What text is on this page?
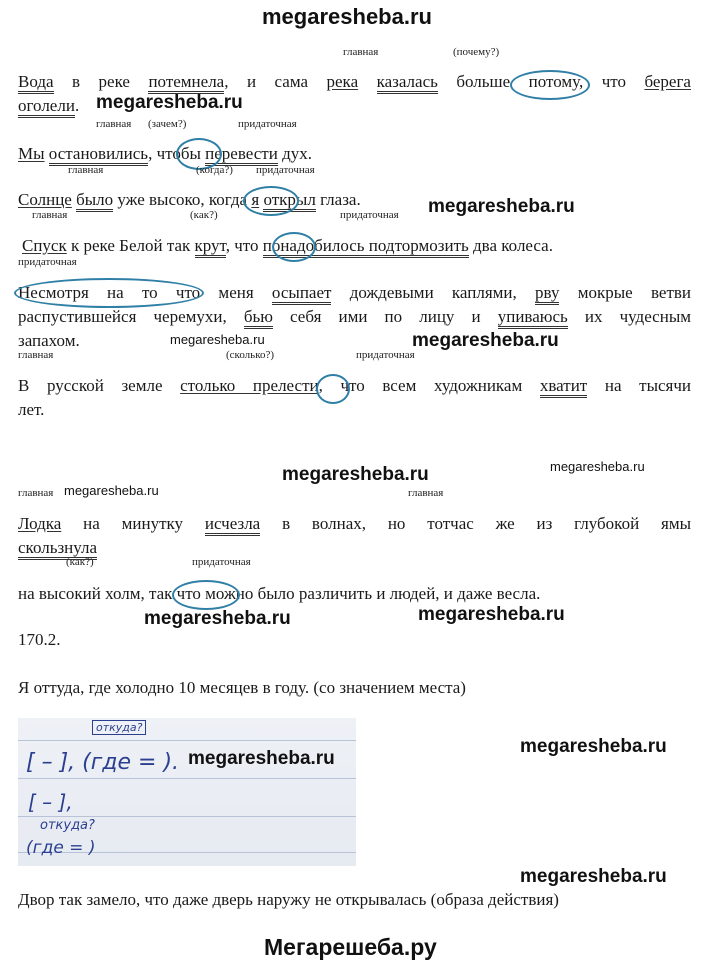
megaresheba.ru
главная	(почему?)
Вода в реке потемнела, и сама река казалась больше потому, что берега
оголели. megaresheba.ru
главная (зачем?)	придаточная
Мы остановились, чтобы перевести дух.
главная	(когда?) придаточная
Солнце было уже высоко, когда я открыл глаза.	megaresheba.ru
главная	(как?)	придаточная
Спуск к реке Белой так крут, что понадобилось подтормозить два колеса.
придаточная
Несмотря на то что меня осыпает дождевыми каплями, рву мокрые ветви
распустившейся черемухи, бью себя ими по лицу и упиваюсь их чудесным
запахом.	megaresheba.ru	megaresheba.ru
главная	(сколько?)	придаточная
В русской земле столько прелести, что всем художникам хватит на тысячи
лет.
megaresheba.ru	megaresheba.ru
главная megaresheba.ru	главная
Лодка на минутку исчезла в волнах, но тотчас же из глубокой ямы
скользнула
(как?)	придаточная
на высокий холм, так что можно было различить и людей, и даже весла.
megaresheba.ru	megaresheba.ru
170.2.
Я оттуда, где холодно 10 месяцев в году. (со значением места)
откуда?
[ – ], (где = ).
[ – ],
откуда?
(где = )
megaresheba.ru
megaresheba.ru
megaresheba.ru
Двор так замело, что даже дверь наружу не открывалась (образа действия)
Мегарешеба.ру
